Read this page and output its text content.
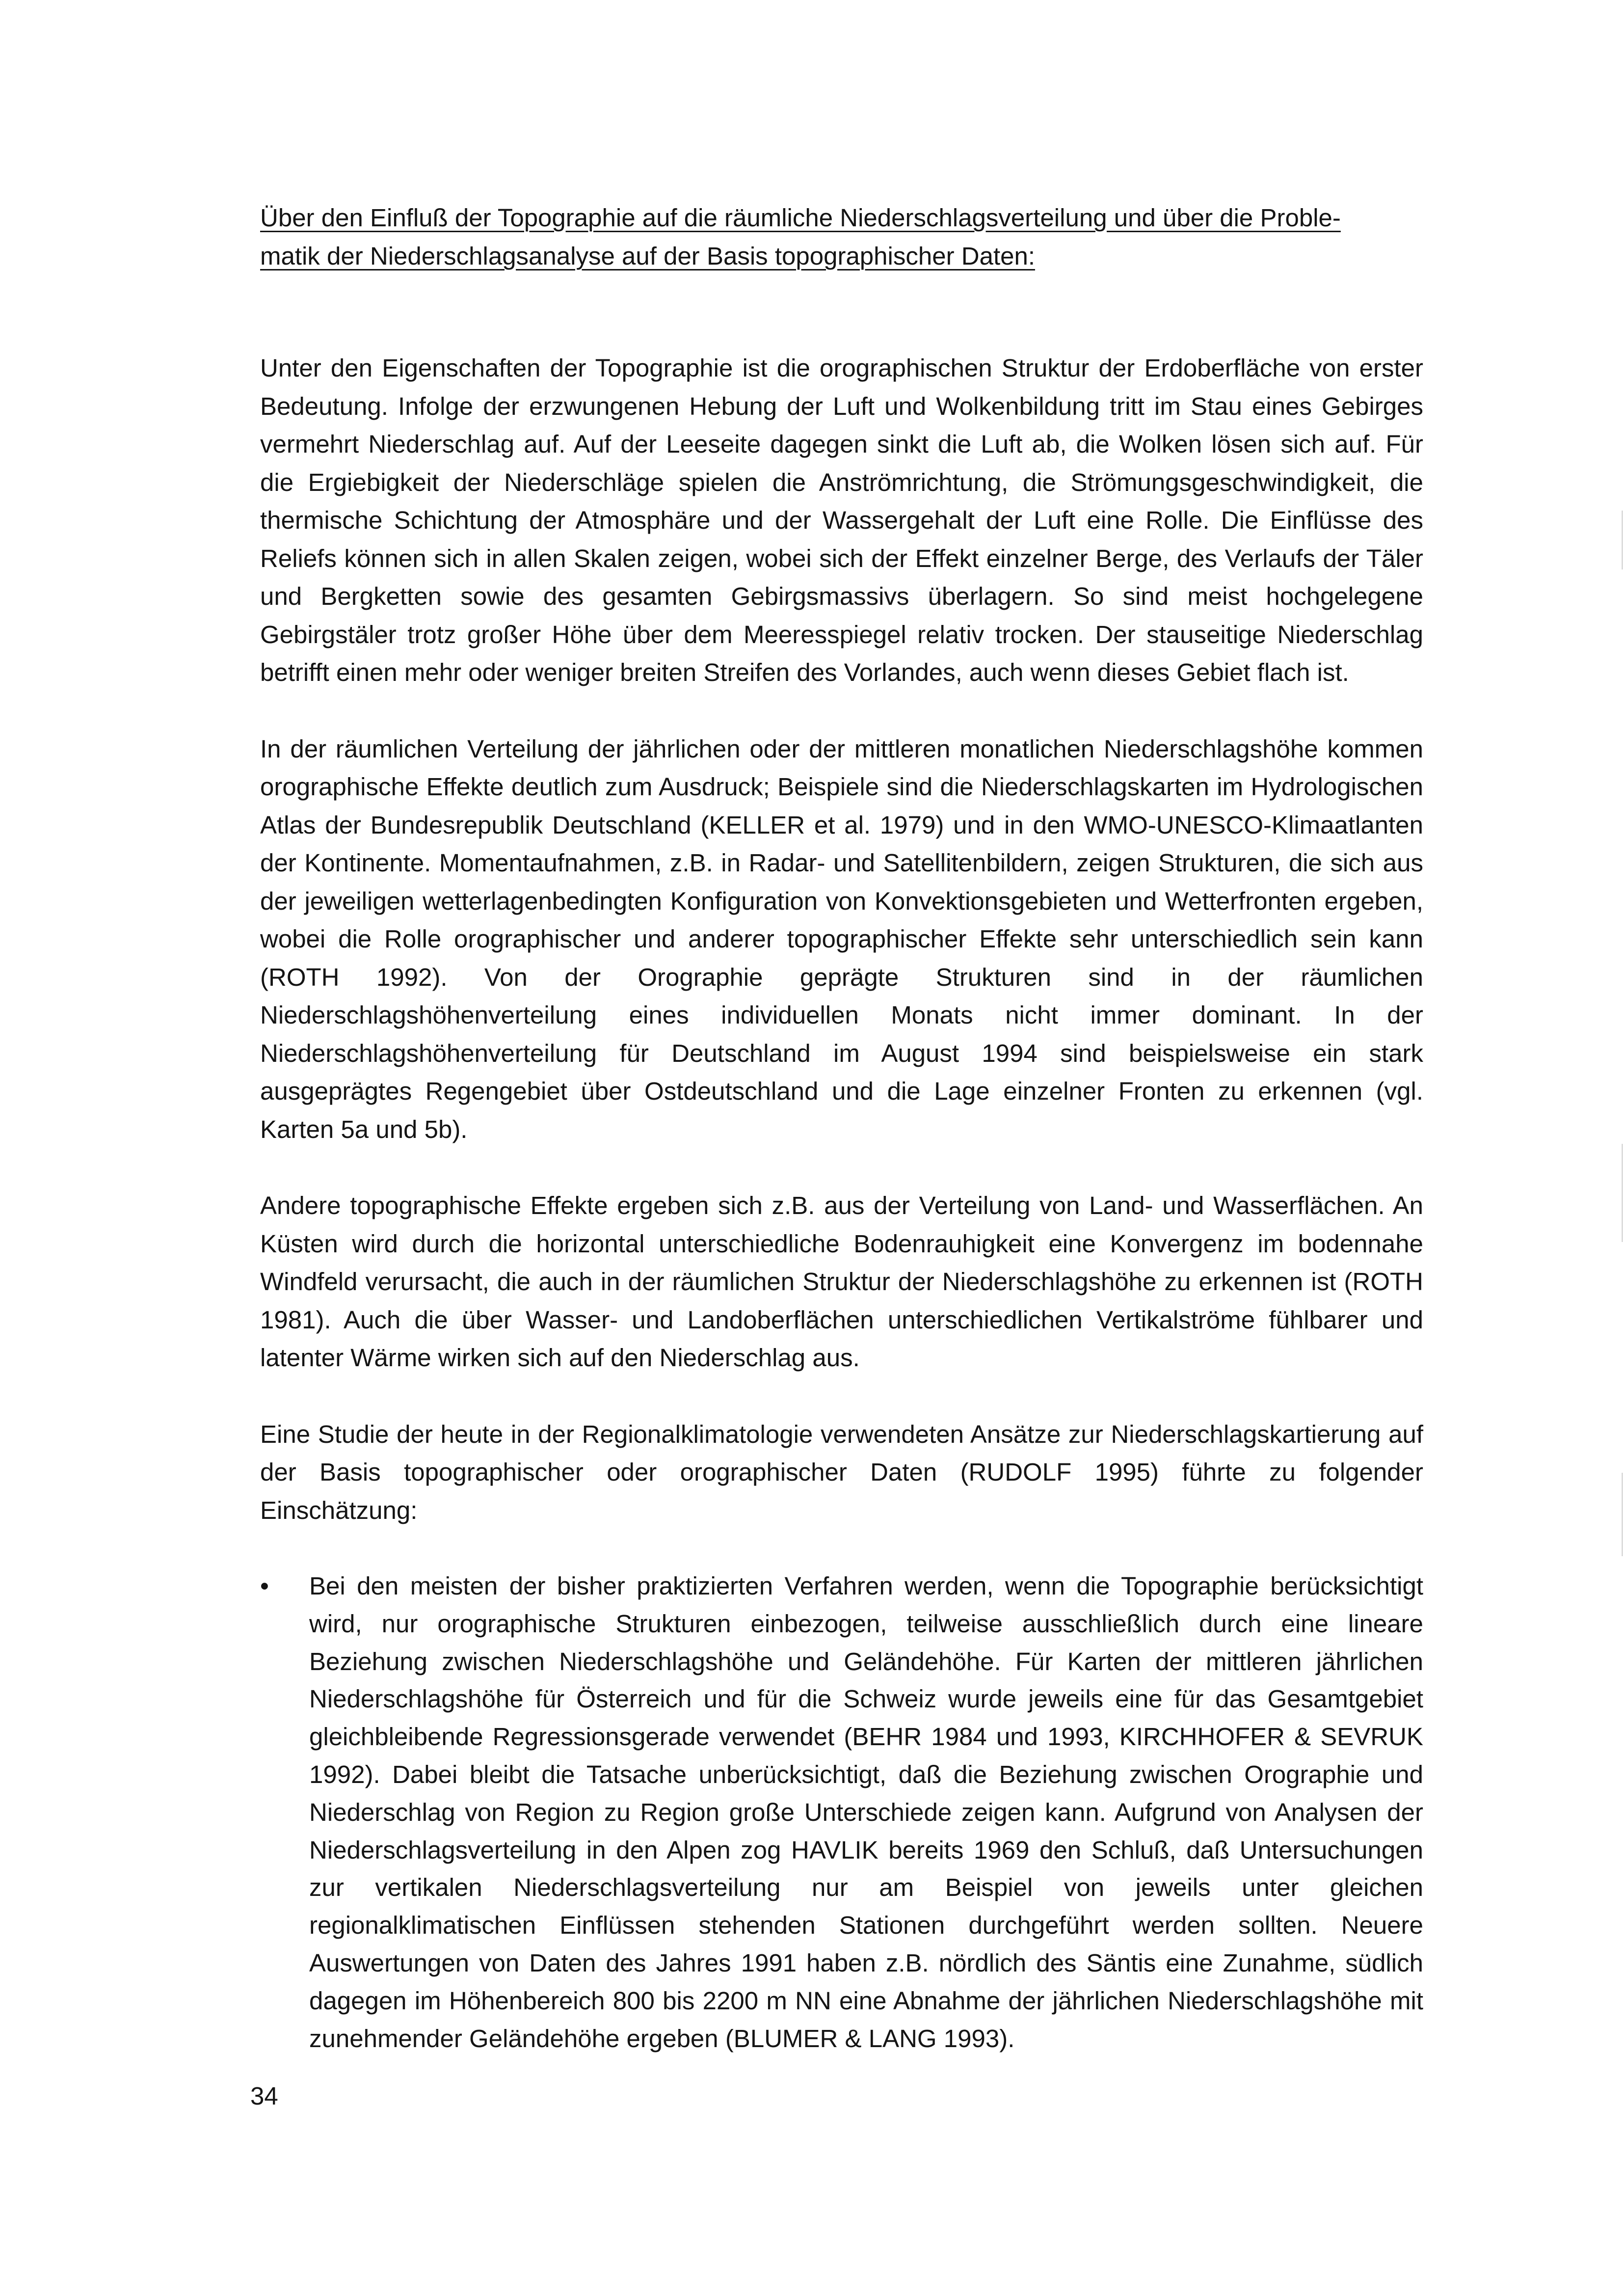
Über den Einfluß der Topographie auf die räumliche Niederschlagsverteilung und über die Proble-
matik der Niederschlagsanalyse auf der Basis topographischer Daten:

Unter den Eigenschaften der Topographie ist die orographischen Struktur der Erdoberfläche von erster Bedeutung. Infolge der erzwungenen Hebung der Luft und Wolkenbildung tritt im Stau eines Gebirges vermehrt Niederschlag auf. Auf der Leeseite dagegen sinkt die Luft ab, die Wolken lösen sich auf. Für die Ergiebigkeit der Niederschläge spielen die Anströmrichtung, die Strömungsgeschwindigkeit, die thermische Schichtung der Atmosphäre und der Wassergehalt der Luft eine Rolle. Die Einflüsse des Reliefs können sich in allen Skalen zeigen, wobei sich der Effekt einzelner Berge, des Verlaufs der Täler und Bergketten sowie des gesamten Gebirgsmassivs überlagern. So sind meist hochgelegene Gebirgstäler trotz großer Höhe über dem Meeresspiegel relativ trocken. Der stauseitige Niederschlag betrifft einen mehr oder weniger breiten Streifen des Vorlandes, auch wenn dieses Gebiet flach ist.

In der räumlichen Verteilung der jährlichen oder der mittleren monatlichen Niederschlagshöhe kommen orographische Effekte deutlich zum Ausdruck; Beispiele sind die Niederschlagskarten im Hydrologischen Atlas der Bundesrepublik Deutschland (KELLER et al. 1979) und in den WMO-UNESCO-Klimaatlanten der Kontinente. Momentaufnahmen, z.B. in Radar- und Satellitenbildern, zeigen Strukturen, die sich aus der jeweiligen wetterlagenbedingten Konfiguration von Konvektionsgebieten und Wetterfronten ergeben, wobei die Rolle orographischer und anderer topographischer Effekte sehr unterschiedlich sein kann (ROTH 1992). Von der Orographie geprägte Strukturen sind in der räumlichen Niederschlagshöhenverteilung eines individuellen Monats nicht immer dominant. In der Niederschlagshöhenverteilung für Deutschland im August 1994 sind beispielsweise ein stark ausgeprägtes Regengebiet über Ostdeutschland und die Lage einzelner Fronten zu erkennen (vgl. Karten 5a und 5b).

Andere topographische Effekte ergeben sich z.B. aus der Verteilung von Land- und Wasserflächen. An Küsten wird durch die horizontal unterschiedliche Bodenrauhigkeit eine Konvergenz im bodennahe Windfeld verursacht, die auch in der räumlichen Struktur der Niederschlagshöhe zu erkennen ist (ROTH 1981). Auch die über Wasser- und Landoberflächen unterschiedlichen Vertikalströme fühlbarer und latenter Wärme wirken sich auf den Niederschlag aus.

Eine Studie der heute in der Regionalklimatologie verwendeten Ansätze zur Niederschlagskartierung auf der Basis topographischer oder orographischer Daten (RUDOLF 1995) führte zu folgender Einschätzung:

•	Bei den meisten der bisher praktizierten Verfahren werden, wenn die Topographie berücksichtigt wird, nur orographische Strukturen einbezogen, teilweise ausschließlich durch eine lineare Beziehung zwischen Niederschlagshöhe und Geländehöhe. Für Karten der mittleren jährlichen Niederschlagshöhe für Österreich und für die Schweiz wurde jeweils eine für das Gesamtgebiet gleichbleibende Regressionsgerade verwendet (BEHR 1984 und 1993, KIRCHHOFER & SEVRUK 1992). Dabei bleibt die Tatsache unberücksichtigt, daß die Beziehung zwischen Orographie und Niederschlag von Region zu Region große Unterschiede zeigen kann. Aufgrund von Analysen der Niederschlagsverteilung in den Alpen zog HAVLIK bereits 1969 den Schluß, daß Untersuchungen zur vertikalen Niederschlagsverteilung nur am Beispiel von jeweils unter gleichen regionalklimatischen Einflüssen stehenden Stationen durchgeführt werden sollten. Neuere Auswertungen von Daten des Jahres 1991 haben z.B. nördlich des Säntis eine Zunahme, südlich dagegen im Höhenbereich 800 bis 2200 m NN eine Abnahme der jährlichen Niederschlagshöhe mit zunehmender Geländehöhe ergeben (BLUMER & LANG 1993).
34
